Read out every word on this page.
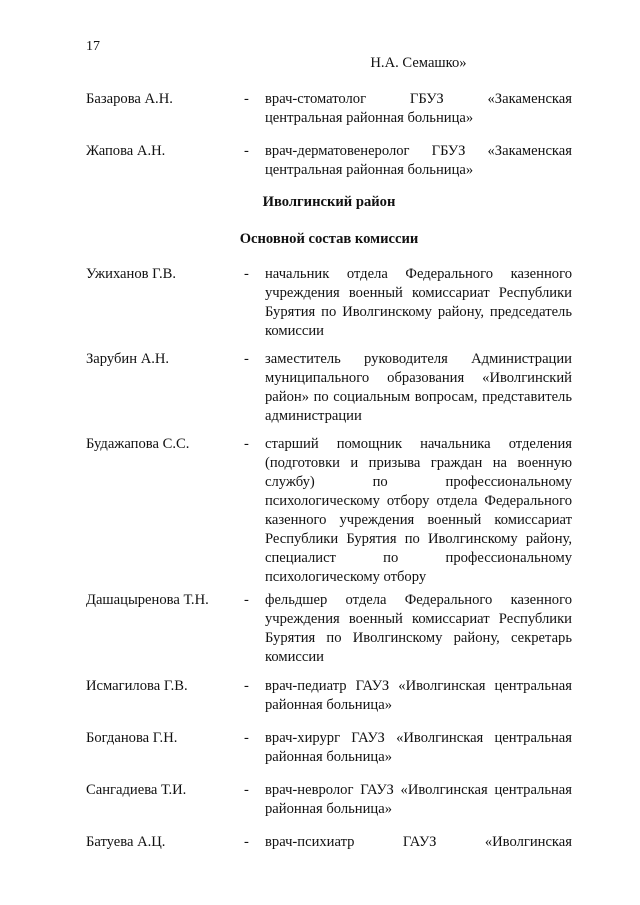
17
Н.А. Семашко»
Базарова А.Н.	- врач-стоматолог ГБУЗ «Закаменская центральная районная больница»
Жапова А.Н.	- врач-дерматовенеролог ГБУЗ «Закаменская центральная районная больница»
Иволгинский район
Основной состав комиссии
Ужиханов Г.В.	- начальник отдела Федерального казенного учреждения военный комиссариат Республики Бурятия по Иволгинскому району, председатель комиссии
Зарубин А.Н.	- заместитель руководителя Администрации муниципального образования «Иволгинский район» по социальным вопросам, представитель администрации
Будажапова С.С.	- старший помощник начальника отделения (подготовки и призыва граждан на военную службу) по профессиональному психологическому отбору отдела Федерального казенного учреждения военный комиссариат Республики Бурятия по Иволгинскому району, специалист по профессиональному психологическому отбору
Дашацыренова Т.Н. - фельдшер отдела Федерального казенного учреждения военный комиссариат Республики Бурятия по Иволгинскому району, секретарь комиссии
Исмагилова Г.В.	- врач-педиатр ГАУЗ «Иволгинская центральная районная больница»
Богданова Г.Н.	- врач-хирург ГАУЗ «Иволгинская центральная районная больница»
Сангадиева Т.И.	- врач-невролог ГАУЗ «Иволгинская центральная районная больница»
Батуева А.Ц.	- врач-психиатр ГАУЗ «Иволгинская
